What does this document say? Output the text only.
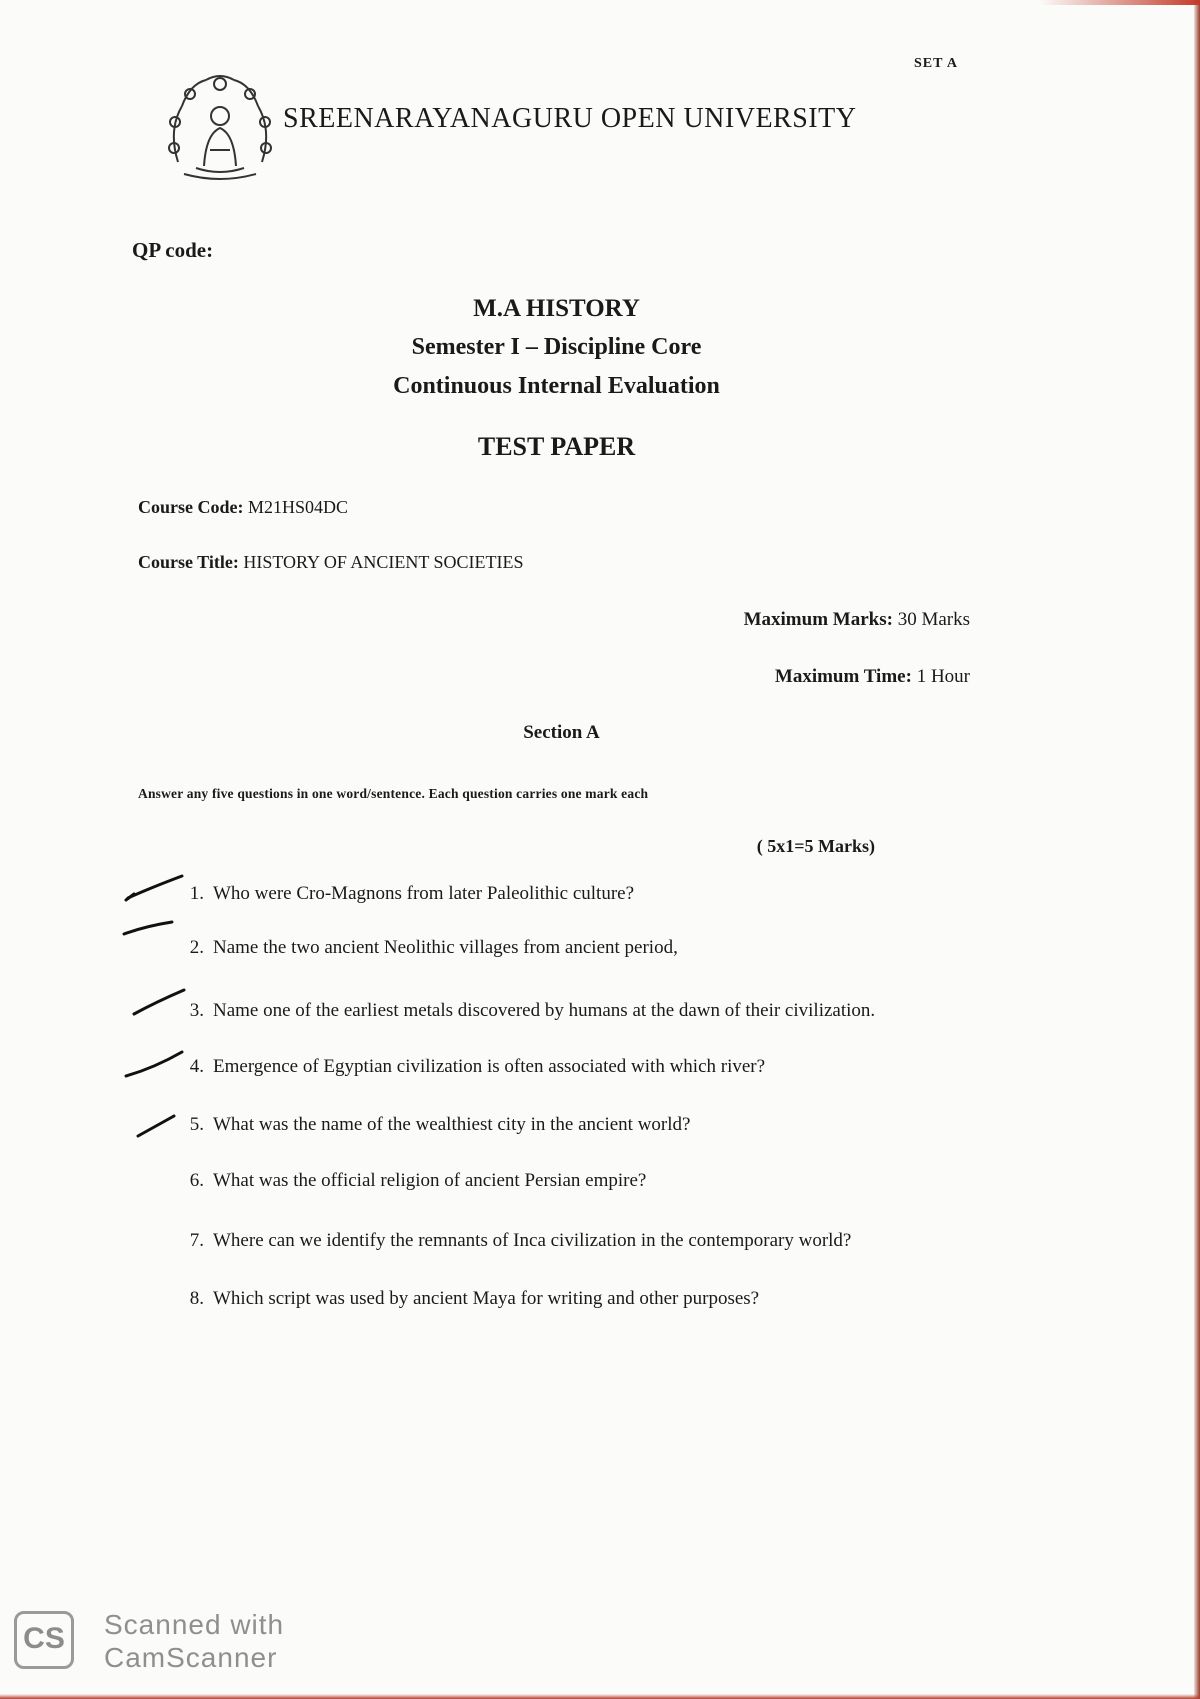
SET A
SREENARAYANAGURU OPEN UNIVERSITY
QP code:
M.A HISTORY
Semester I – Discipline Core
Continuous Internal Evaluation
TEST PAPER
Course Code: M21HS04DC
Course Title: HISTORY OF ANCIENT SOCIETIES
Maximum Marks: 30 Marks
Maximum Time: 1 Hour
Section A
Answer any five questions in one word/sentence. Each question carries one mark each
( 5x1=5 Marks)
1. Who were Cro-Magnons from later Paleolithic culture?
2. Name the two ancient Neolithic villages from ancient period,
3. Name one of the earliest metals discovered by humans at the dawn of their civilization.
4. Emergence of Egyptian civilization is often associated with which river?
5. What was the name of the wealthiest city in the ancient world?
6. What was the official religion of ancient Persian empire?
7. Where can we identify the remnants of Inca civilization in the contemporary world?
8. Which script was used by ancient Maya for writing and other purposes?
CS	Scanned with
CamScanner
